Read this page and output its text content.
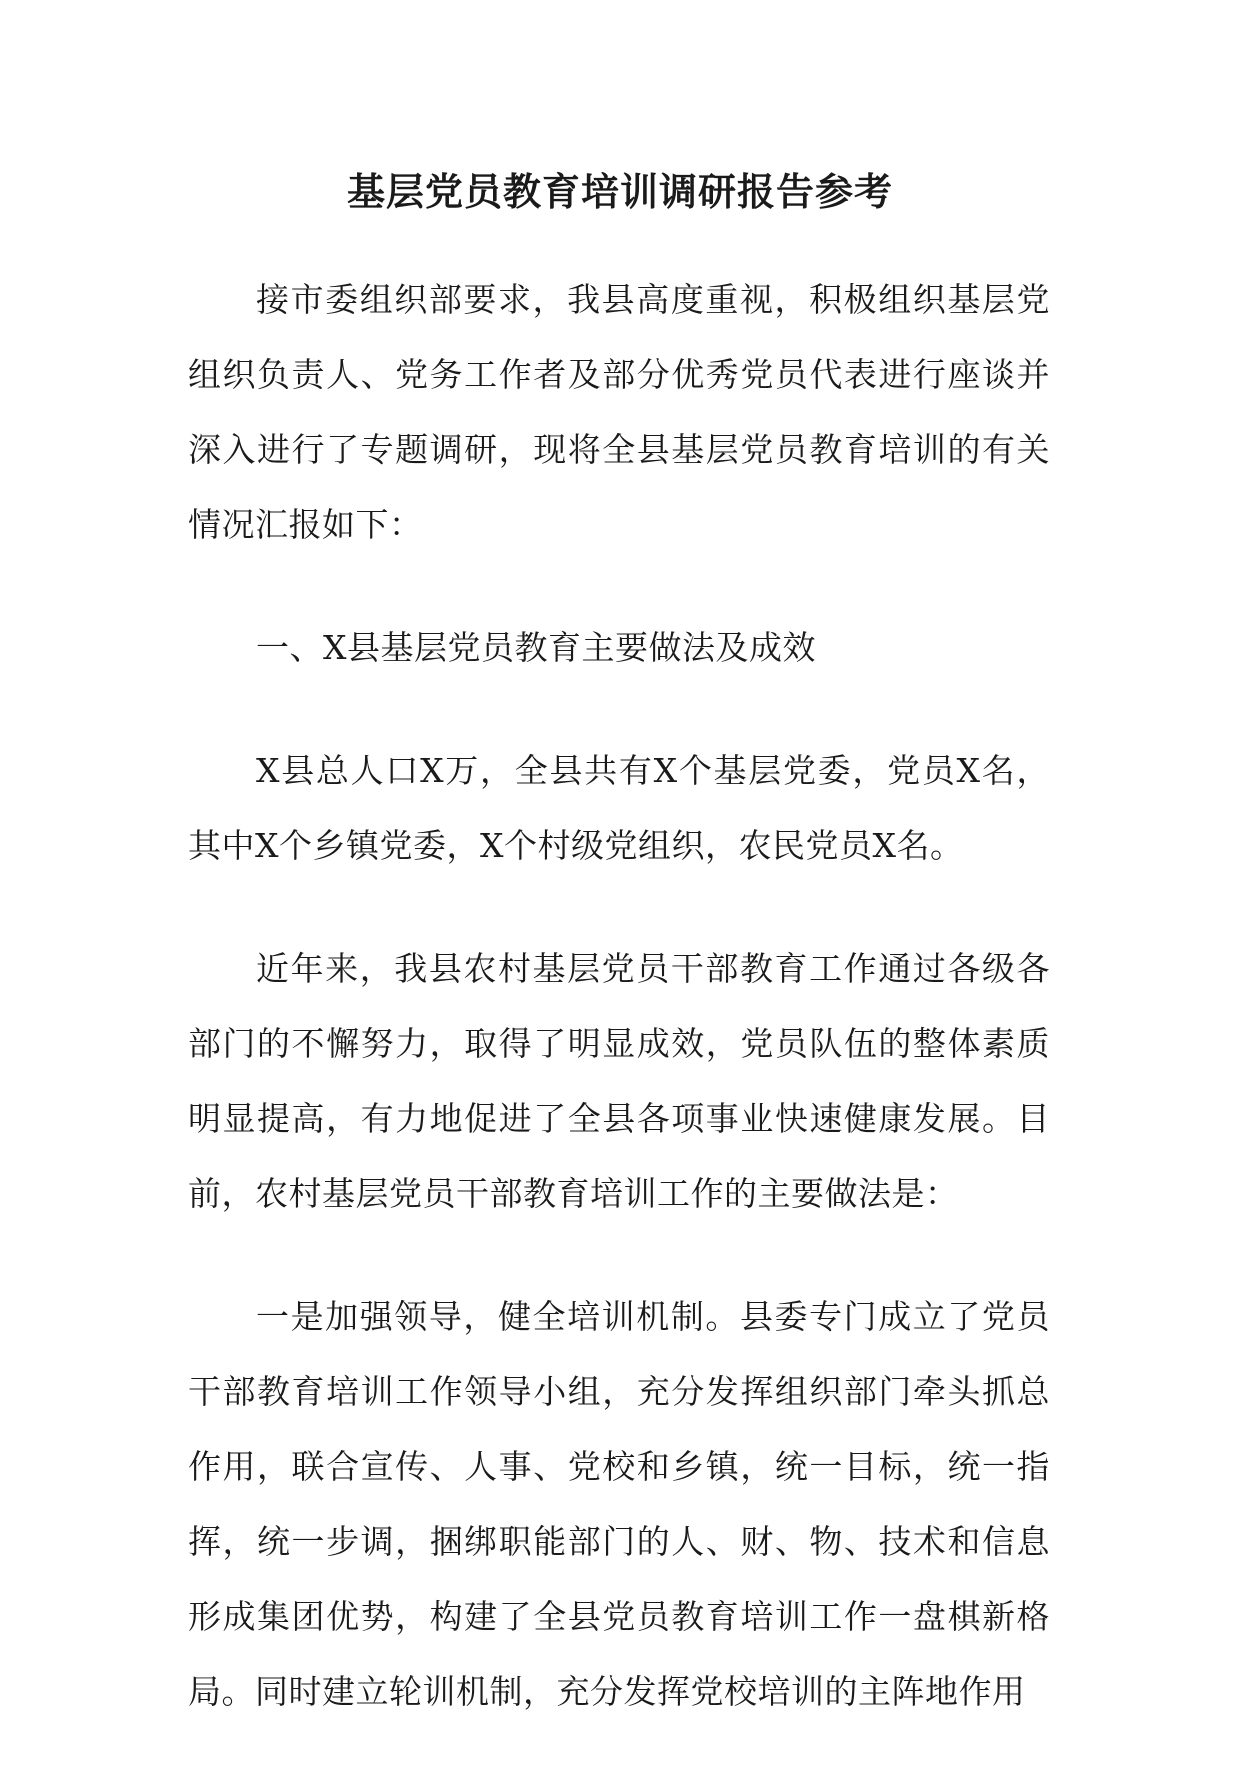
基层党员教育培训调研报告参考

接市委组织部要求，我县高度重视，积极组织基层党组织负责人、党务工作者及部分优秀党员代表进行座谈并深入进行了专题调研，现将全县基层党员教育培训的有关情况汇报如下：

一、X县基层党员教育主要做法及成效

X县总人口X万，全县共有X个基层党委，党员X名，其中X个乡镇党委，X个村级党组织，农民党员X名。

近年来，我县农村基层党员干部教育工作通过各级各部门的不懈努力，取得了明显成效，党员队伍的整体素质明显提高，有力地促进了全县各项事业快速健康发展。目前，农村基层党员干部教育培训工作的主要做法是：

一是加强领导，健全培训机制。县委专门成立了党员干部教育培训工作领导小组，充分发挥组织部门牵头抓总作用，联合宣传、人事、党校和乡镇，统一目标，统一指挥，统一步调，捆绑职能部门的人、财、物、技术和信息形成集团优势，构建了全县党员教育培训工作一盘棋新格局。同时建立轮训机制，充分发挥党校培训的主阵地作用
